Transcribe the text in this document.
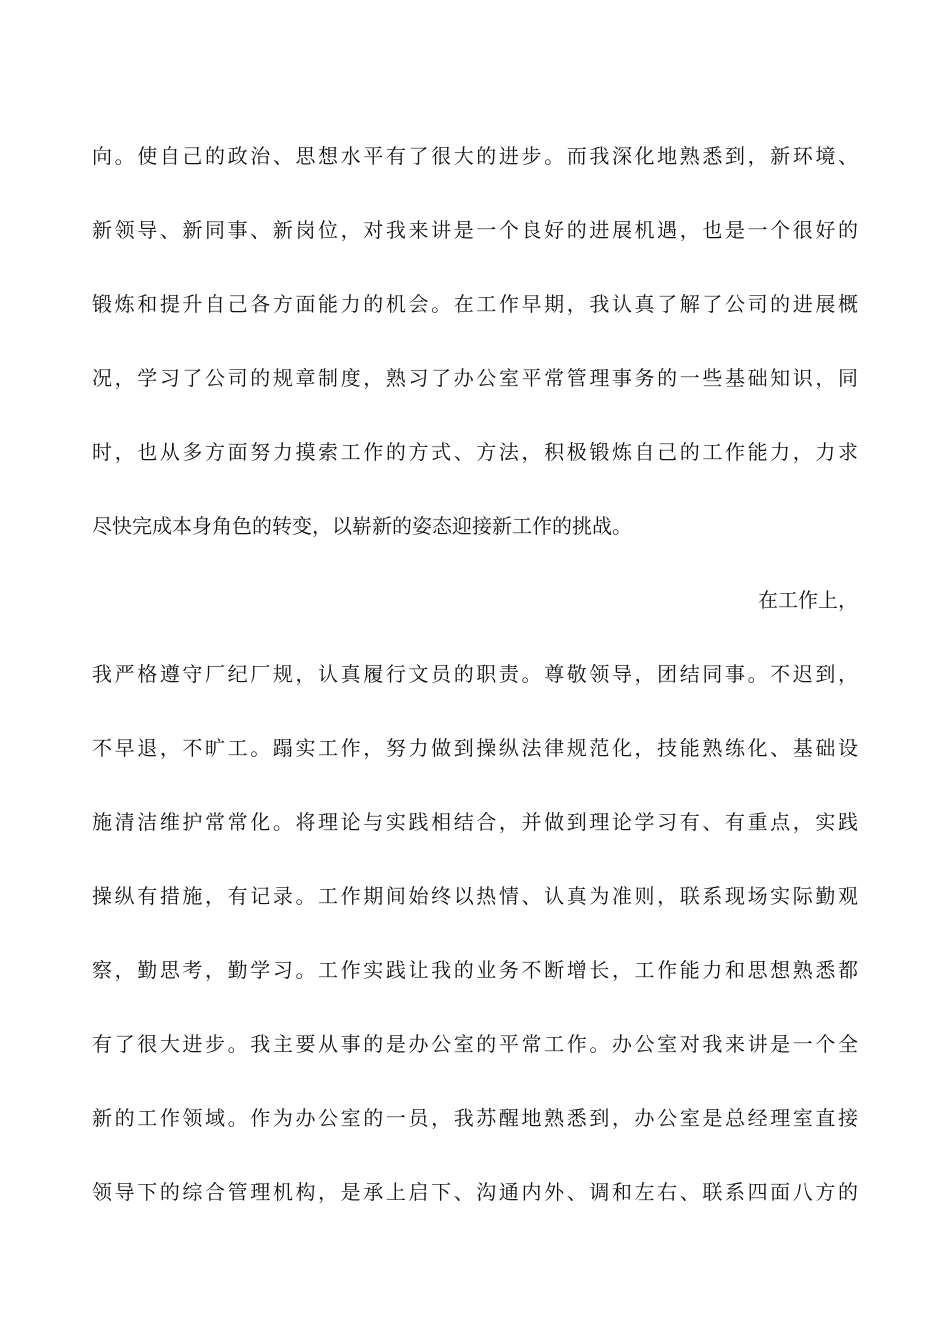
向。使自己的政治、思想水平有了很大的进步。而我深化地熟悉到，新环境、
新领导、新同事、新岗位，对我来讲是一个良好的进展机遇，也是一个很好的
锻炼和提升自己各方面能力的机会。在工作早期，我认真了解了公司的进展概
况，学习了公司的规章制度，熟习了办公室平常管理事务的一些基础知识，同
时，也从多方面努力摸索工作的方式、方法，积极锻炼自己的工作能力，力求
尽快完成本身角色的转变，以崭新的姿态迎接新工作的挑战。
在工作上，
我严格遵守厂纪厂规，认真履行文员的职责。尊敬领导，团结同事。不迟到，
不早退，不旷工。蹋实工作，努力做到操纵法律规范化，技能熟练化、基础设
施清洁维护常常化。将理论与实践相结合，并做到理论学习有、有重点，实践
操纵有措施，有记录。工作期间始终以热情、认真为准则，联系现场实际勤观
察，勤思考，勤学习。工作实践让我的业务不断增长，工作能力和思想熟悉都
有了很大进步。我主要从事的是办公室的平常工作。办公室对我来讲是一个全
新的工作领域。作为办公室的一员，我苏醒地熟悉到，办公室是总经理室直接
领导下的综合管理机构，是承上启下、沟通内外、调和左右、联系四面八方的
